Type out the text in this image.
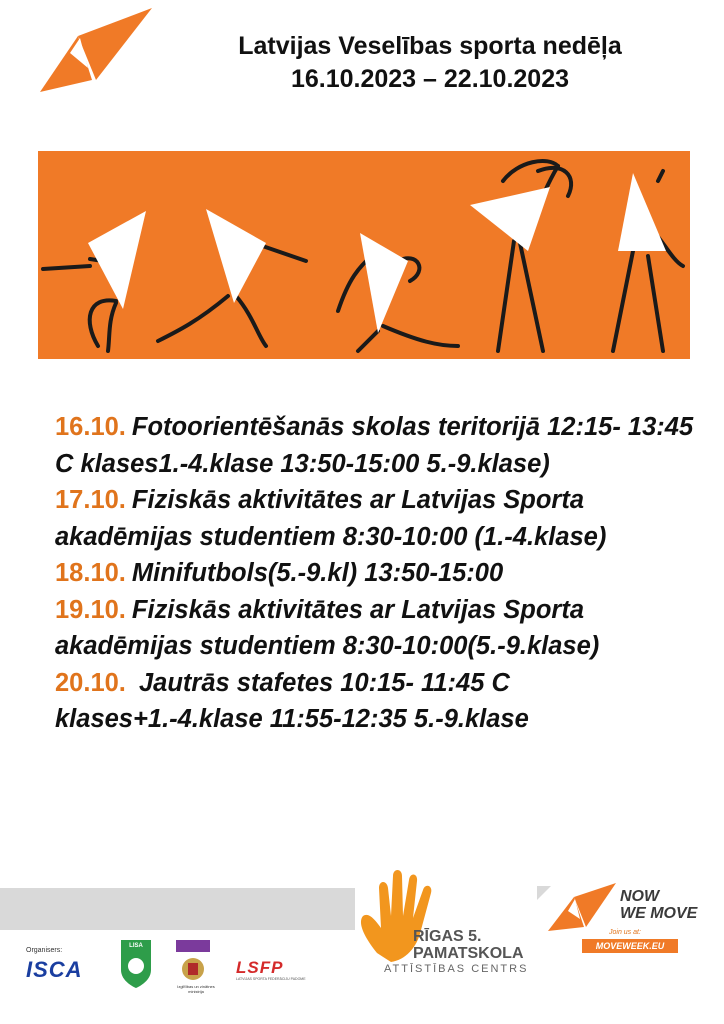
Latvijas Veselības sporta nedēļa
16.10.2023 – 22.10.2023
16.10. Fotoorientēšanās skolas teritorijā 12:15- 13:45 C klases1.-4.klase 13:50-15:00 5.-9.klase)
17.10. Fiziskās aktivitātes ar Latvijas Sporta akadēmijas studentiem 8:30-10:00 (1.-4.klase)
18.10. Minifutbols(5.-9.kl) 13:50-15:00
19.10. Fiziskās aktivitātes ar Latvijas Sporta akadēmijas studentiem 8:30-10:00(5.-9.klase)
20.10. Jautrās stafetes 10:15- 11:45 C klases+1.-4.klase 11:55-12:35 5.-9.klase
Organisers:
ISCA
LISA
Izglītības un zinātnes ministrija
LSFP
LATVIJAS SPORTA FEDERĀCIJU PADOME
RĪGAS 5.
PAMATSKOLA
ATTĪSTĪBAS CENTRS
NOW
WE MOVE
Join us at:
MOVEWEEK.EU
